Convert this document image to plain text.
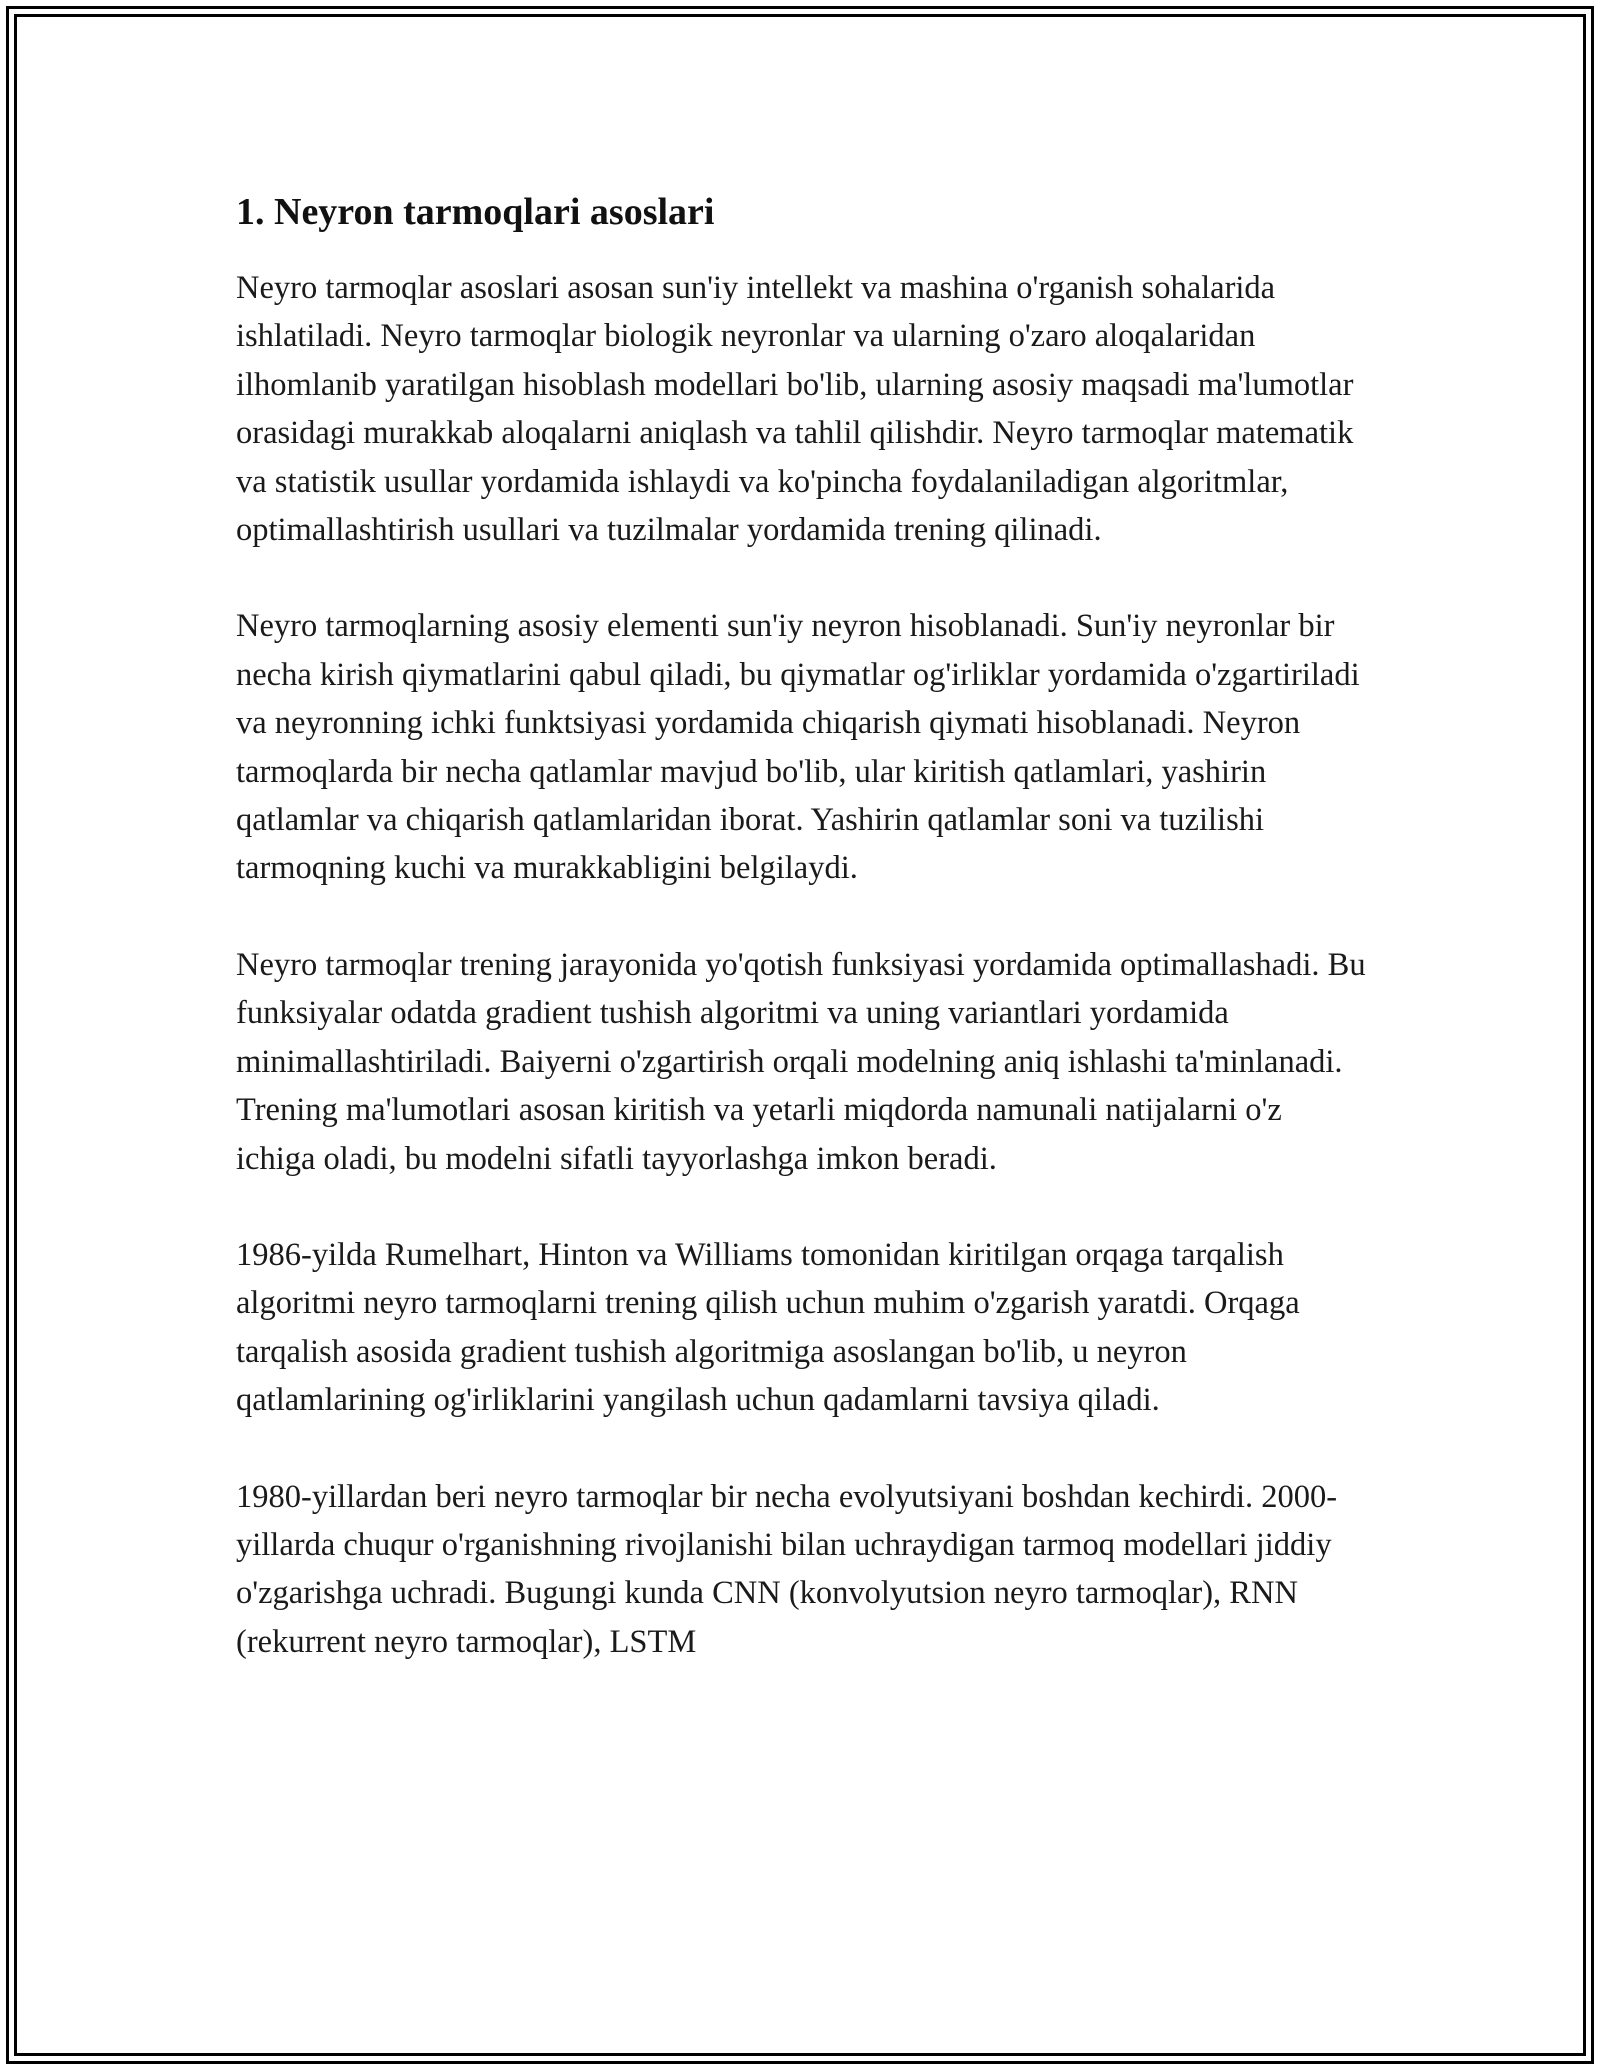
1. Neyron tarmoqlari asoslari

Neyro tarmoqlar asoslari asosan sun'iy intellekt va mashina o'rganish sohalarida ishlatiladi. Neyro tarmoqlar biologik neyronlar va ularning o'zaro aloqalaridan ilhomlanib yaratilgan hisoblash modellari bo'lib, ularning asosiy maqsadi ma'lumotlar orasidagi murakkab aloqalarni aniqlash va tahlil qilishdir. Neyro tarmoqlar matematik va statistik usullar yordamida ishlaydi va ko'pincha foydalaniladigan algoritmlar, optimallashtirish usullari va tuzilmalar yordamida trening qilinadi.

Neyro tarmoqlarning asosiy elementi sun'iy neyron hisoblanadi. Sun'iy neyronlar bir necha kirish qiymatlarini qabul qiladi, bu qiymatlar og'irliklar yordamida o'zgartiriladi va neyronning ichki funktsiyasi yordamida chiqarish qiymati hisoblanadi. Neyron tarmoqlarda bir necha qatlamlar mavjud bo'lib, ular kiritish qatlamlari, yashirin qatlamlar va chiqarish qatlamlaridan iborat. Yashirin qatlamlar soni va tuzilishi tarmoqning kuchi va murakkabligini belgilaydi.

Neyro tarmoqlar trening jarayonida yo'qotish funksiyasi yordamida optimallashadi. Bu funksiyalar odatda gradient tushish algoritmi va uning variantlari yordamida minimallashtiriladi. Baiyerni o'zgartirish orqali modelning aniq ishlashi ta'minlanadi. Trening ma'lumotlari asosan kiritish va yetarli miqdorda namunali natijalarni o'z ichiga oladi, bu modelni sifatli tayyorlashga imkon beradi.

1986-yilda Rumelhart, Hinton va Williams tomonidan kiritilgan orqaga tarqalish algoritmi neyro tarmoqlarni trening qilish uchun muhim o'zgarish yaratdi. Orqaga tarqalish asosida gradient tushish algoritmiga asoslangan bo'lib, u neyron qatlamlarining og'irliklarini yangilash uchun qadamlarni tavsiya qiladi.

1980-yillardan beri neyro tarmoqlar bir necha evolyutsiyani boshdan kechirdi. 2000-yillarda chuqur o'rganishning rivojlanishi bilan uchraydigan tarmoq modellari jiddiy o'zgarishga uchradi. Bugungi kunda CNN (konvolyutsion neyro tarmoqlar), RNN (rekurrent neyro tarmoqlar), LSTM
